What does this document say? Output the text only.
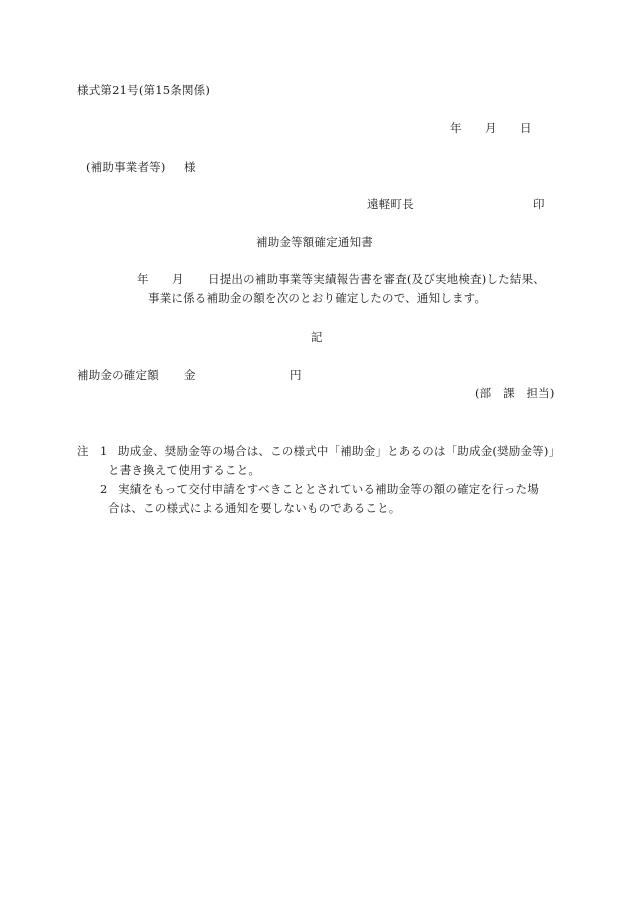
様式第21号(第15条関係)
年 月 日
(補助事業者等) 様
遠軽町長	印
補助金等額確定通知書
年 月 日提出の補助事業等実績報告書を審査(及び実地検査)した結果、
事業に係る補助金の額を次のとおり確定したので、通知します。
記
補助金の確定額 金	円
(部　課　担当)
注 1 助成金、奨励金等の場合は、この様式中「補助金」とあるのは「助成金(奨励金等)」
と書き換えて使用すること。
2 実績をもって交付申請をすべきこととされている補助金等の額の確定を行った場
合は、この様式による通知を要しないものであること。
